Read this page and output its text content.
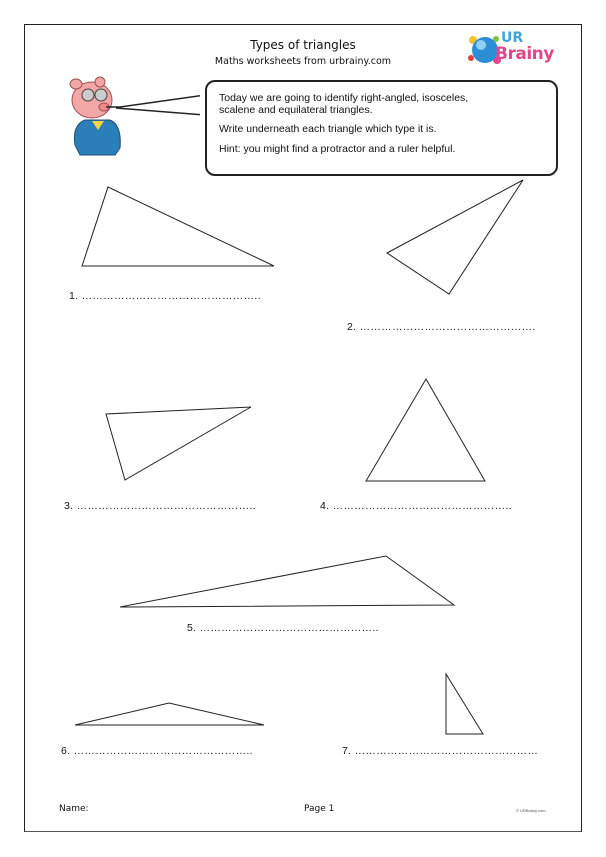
Types of triangles
Maths worksheets from urbrainy.com
UR
Brainy

Today we are going to identify right-angled, isosceles,

scalene and equilateral triangles.

Write underneath each triangle which type it is.

Hint: you might find a protractor and a ruler helpful.

1. …………………………………………..
2. ………………………………………….
3. …………………………………………..	4. …………………………………………..
5. …………………………………………..
6. …………………………………………..	7. ……………………………………………
Name:	Page 1	© URBrainy.com
